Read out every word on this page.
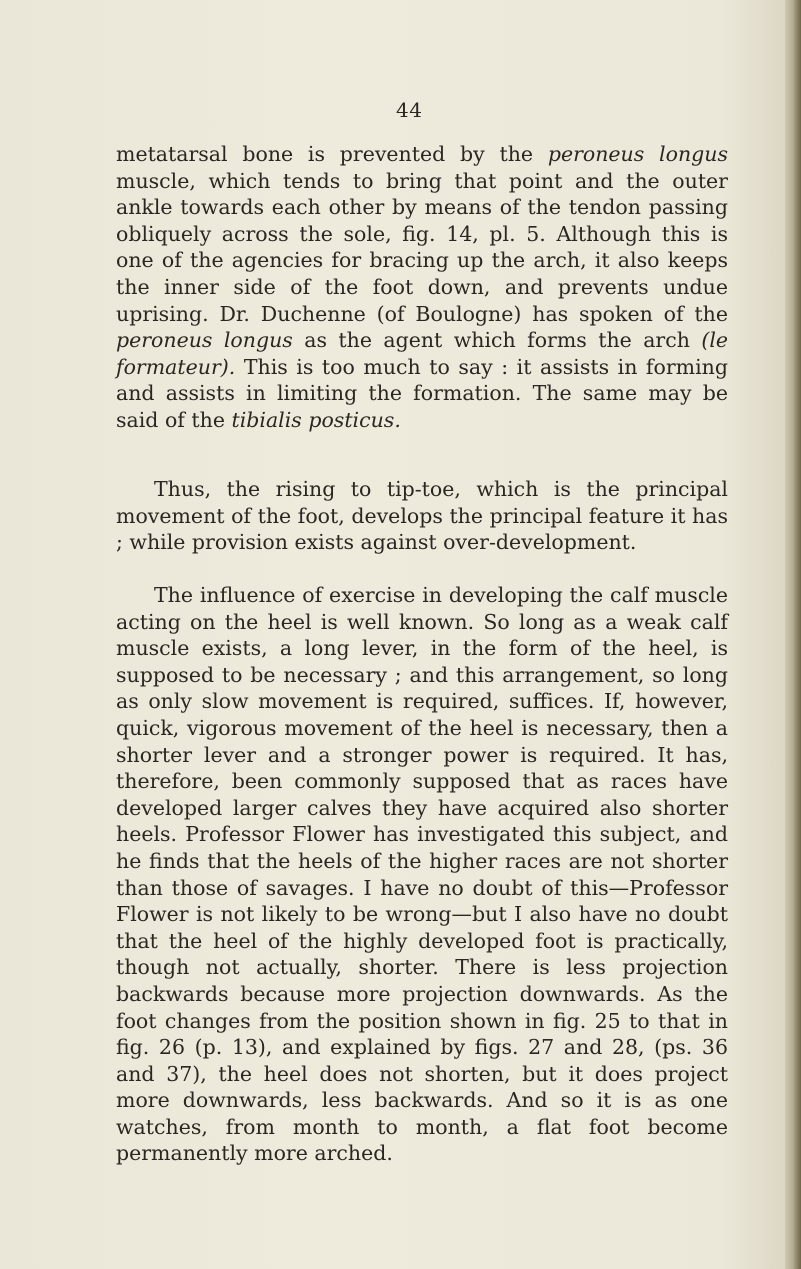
44

metatarsal bone is prevented by the peroneus longus muscle, which tends to bring that point and the outer ankle towards each other by means of the tendon passing obliquely across the sole, fig. 14, pl. 5. Although this is one of the agencies for bracing up the arch, it also keeps the inner side of the foot down, and prevents undue uprising. Dr. Duchenne (of Boulogne) has spoken of the peroneus longus as the agent which forms the arch (le formateur). This is too much to say : it assists in forming and assists in limiting the formation. The same may be said of the tibialis posticus.

Thus, the rising to tip-toe, which is the principal movement of the foot, develops the principal feature it has ; while provision exists against over-development.

The influence of exercise in developing the calf muscle acting on the heel is well known. So long as a weak calf muscle exists, a long lever, in the form of the heel, is supposed to be necessary ; and this arrangement, so long as only slow movement is required, suffices. If, however, quick, vigorous movement of the heel is necessary, then a shorter lever and a stronger power is required. It has, therefore, been commonly supposed that as races have developed larger calves they have acquired also shorter heels. Professor Flower has investigated this subject, and he finds that the heels of the higher races are not shorter than those of savages. I have no doubt of this—Professor Flower is not likely to be wrong—but I also have no doubt that the heel of the highly developed foot is practically, though not actually, shorter. There is less projection backwards because more projection downwards. As the foot changes from the position shown in fig. 25 to that in fig. 26 (p. 13), and explained by figs. 27 and 28, (ps. 36 and 37), the heel does not shorten, but it does project more downwards, less backwards. And so it is as one watches, from month to month, a flat foot become permanently more arched.
